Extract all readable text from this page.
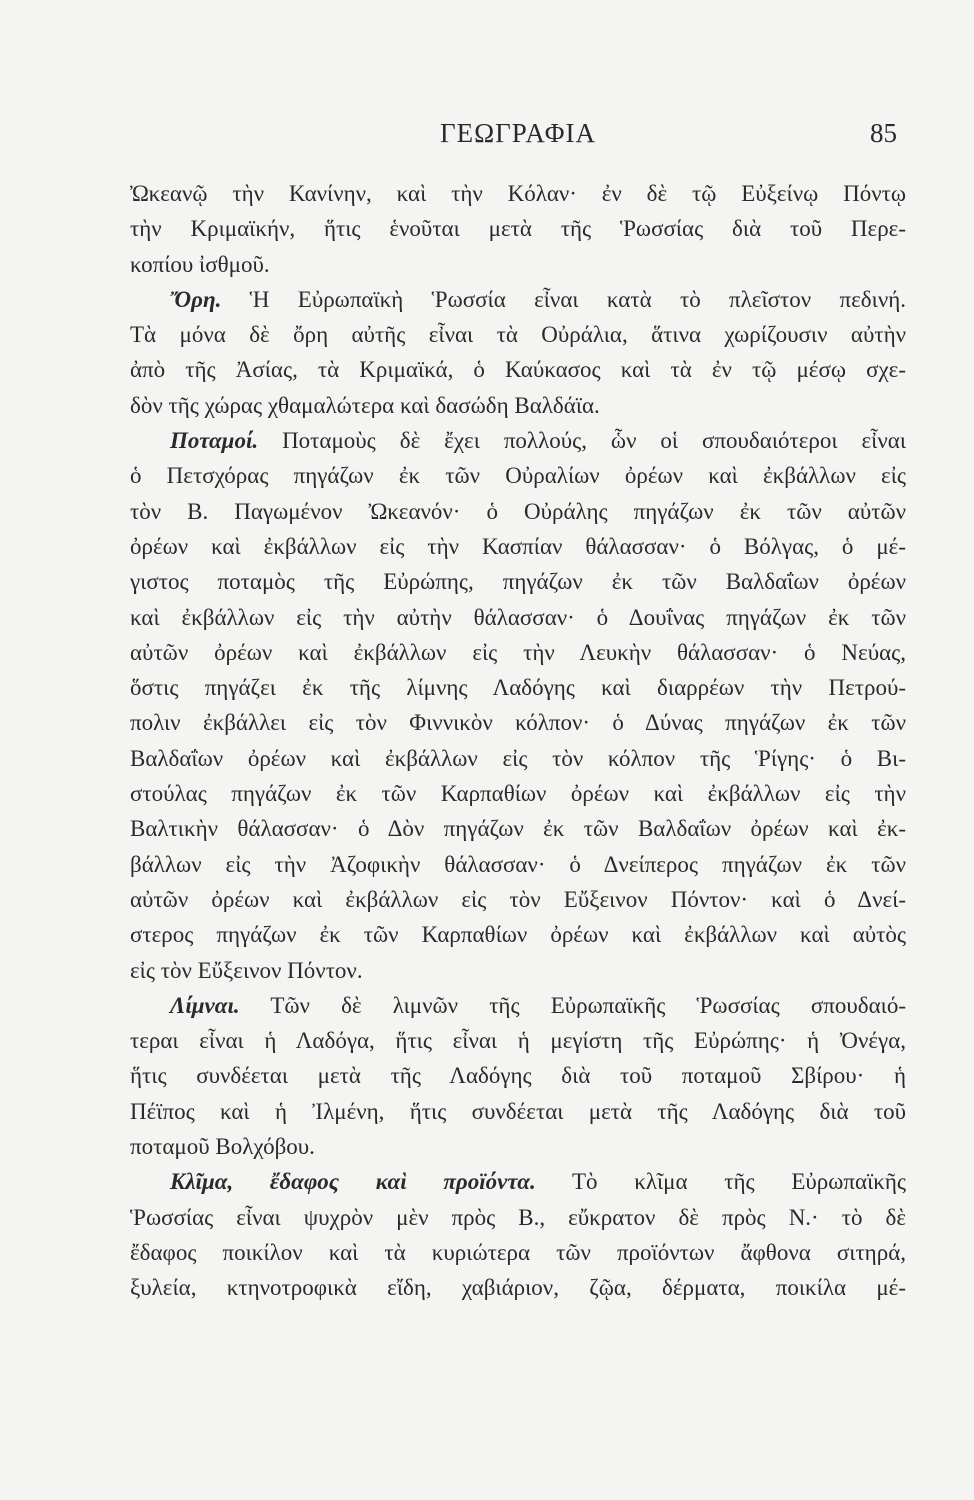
ΓΕΩΓΡΑΦΙΑ	85
Ὠκεανῷ τὴν Κανίνην, καὶ τὴν Κόλαν· ἐν δὲ τῷ Εὐξείνῳ Πόντῳ
τὴν Κριμαϊκήν, ἥτις ἑνοῦται μετὰ τῆς Ῥωσσίας διὰ τοῦ Περε-
κοπίου ἰσθμοῦ.
Ὄρη. Ἡ Εὐρωπαϊκὴ Ῥωσσία εἶναι κατὰ τὸ πλεῖστον πεδινή.
Τὰ μόνα δὲ ὄρη αὐτῆς εἶναι τὰ Οὐράλια, ἅτινα χωρίζουσιν αὐτὴν
ἀπὸ τῆς Ἀσίας, τὰ Κριμαϊκά, ὁ Καύκασος καὶ τὰ ἐν τῷ μέσῳ σχε-
δὸν τῆς χώρας χθαμαλώτερα καὶ δασώδη Βαλδάϊα.
Ποταμοί. Ποταμοὺς δὲ ἔχει πολλούς, ὧν οἱ σπουδαιότεροι εἶναι
ὁ Πετσχόρας πηγάζων ἐκ τῶν Οὐραλίων ὀρέων καὶ ἐκβάλλων εἰς
τὸν Β. Παγωμένον Ὠκεανόν· ὁ Οὐράλης πηγάζων ἐκ τῶν αὐτῶν
ὀρέων καὶ ἐκβάλλων εἰς τὴν Κασπίαν θάλασσαν· ὁ Βόλγας, ὁ μέ-
γιστος ποταμὸς τῆς Εὐρώπης, πηγάζων ἐκ τῶν Βαλδαΐων ὀρέων
καὶ ἐκβάλλων εἰς τὴν αὐτὴν θάλασσαν· ὁ Δουΐνας πηγάζων ἐκ τῶν
αὐτῶν ὀρέων καὶ ἐκβάλλων εἰς τὴν Λευκὴν θάλασσαν· ὁ Νεύας,
ὅστις πηγάζει ἐκ τῆς λίμνης Λαδόγης καὶ διαρρέων τὴν Πετρού-
πολιν ἐκβάλλει εἰς τὸν Φιννικὸν κόλπον· ὁ Δύνας πηγάζων ἐκ τῶν
Βαλδαΐων ὀρέων καὶ ἐκβάλλων εἰς τὸν κόλπον τῆς Ῥίγης· ὁ Βι-
στούλας πηγάζων ἐκ τῶν Καρπαθίων ὀρέων καὶ ἐκβάλλων εἰς τὴν
Βαλτικὴν θάλασσαν· ὁ Δὸν πηγάζων ἐκ τῶν Βαλδαΐων ὀρέων καὶ ἐκ-
βάλλων εἰς τὴν Ἀζοφικὴν θάλασσαν· ὁ Δνείπερος πηγάζων ἐκ τῶν
αὐτῶν ὀρέων καὶ ἐκβάλλων εἰς τὸν Εὔξεινον Πόντον· καὶ ὁ Δνεί-
στερος πηγάζων ἐκ τῶν Καρπαθίων ὀρέων καὶ ἐκβάλλων καὶ αὐτὸς
εἰς τὸν Εὔξεινον Πόντον.
Λίμναι. Τῶν δὲ λιμνῶν τῆς Εὐρωπαϊκῆς Ῥωσσίας σπουδαιό-
τεραι εἶναι ἡ Λαδόγα, ἥτις εἶναι ἡ μεγίστη τῆς Εὐρώπης· ἡ Ὀνέγα,
ἥτις συνδέεται μετὰ τῆς Λαδόγης διὰ τοῦ ποταμοῦ Σβίρου· ἡ
Πέϊπος καὶ ἡ Ἰλμένη, ἥτις συνδέεται μετὰ τῆς Λαδόγης διὰ τοῦ
ποταμοῦ Βολχόβου.
Κλῖμα, ἔδαφος καὶ προϊόντα. Τὸ κλῖμα τῆς Εὐρωπαϊκῆς
Ῥωσσίας εἶναι ψυχρὸν μὲν πρὸς Β., εὔκρατον δὲ πρὸς Ν.· τὸ δὲ
ἔδαφος ποικίλον καὶ τὰ κυριώτερα τῶν προϊόντων ἄφθονα σιτηρά,
ξυλεία, κτηνοτροφικὰ εἴδη, χαβιάριον, ζῷα, δέρματα, ποικίλα μέ-
